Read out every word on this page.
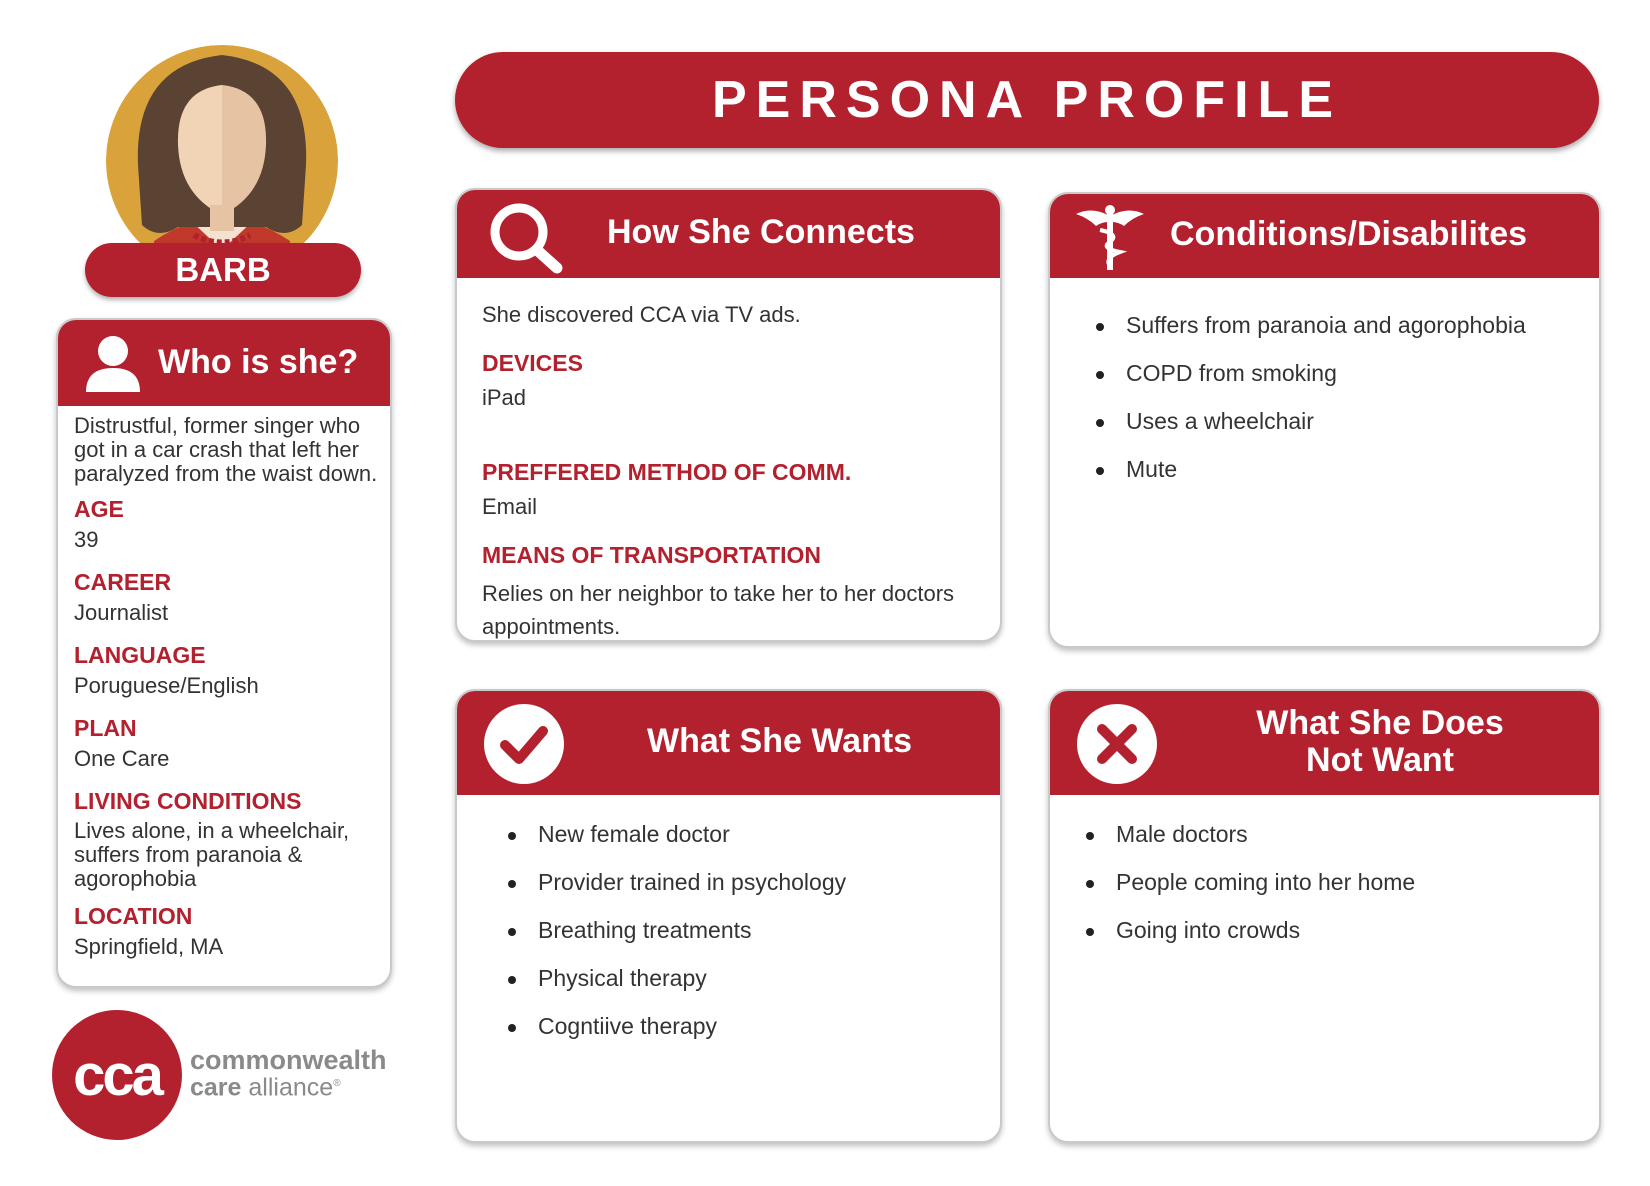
PERSONA PROFILE
BARB
Who is she?
Distrustful, former singer who got in a car crash that left her paralyzed from the waist down.
AGE
39
CAREER
Journalist
LANGUAGE
Poruguese/English
PLAN
One Care
LIVING CONDITIONS
Lives alone, in a wheelchair, suffers from paranoia & agorophobia
LOCATION
Springfield, MA
How She Connects
She discovered CCA via TV ads.
DEVICES
iPad
PREFFERED METHOD OF COMM.
Email
MEANS OF TRANSPORTATION
Relies on her neighbor to take her to her doctors appointments.
Conditions/Disabilites
Suffers from paranoia and agorophobia
COPD from smoking
Uses a wheelchair
Mute
What She Wants
New female doctor
Provider trained in psychology
Breathing treatments
Physical therapy
Cogntiive therapy
What She Does
Not Want
Male doctors
People coming into her home
Going into crowds
cca commonwealth
care alliance®
